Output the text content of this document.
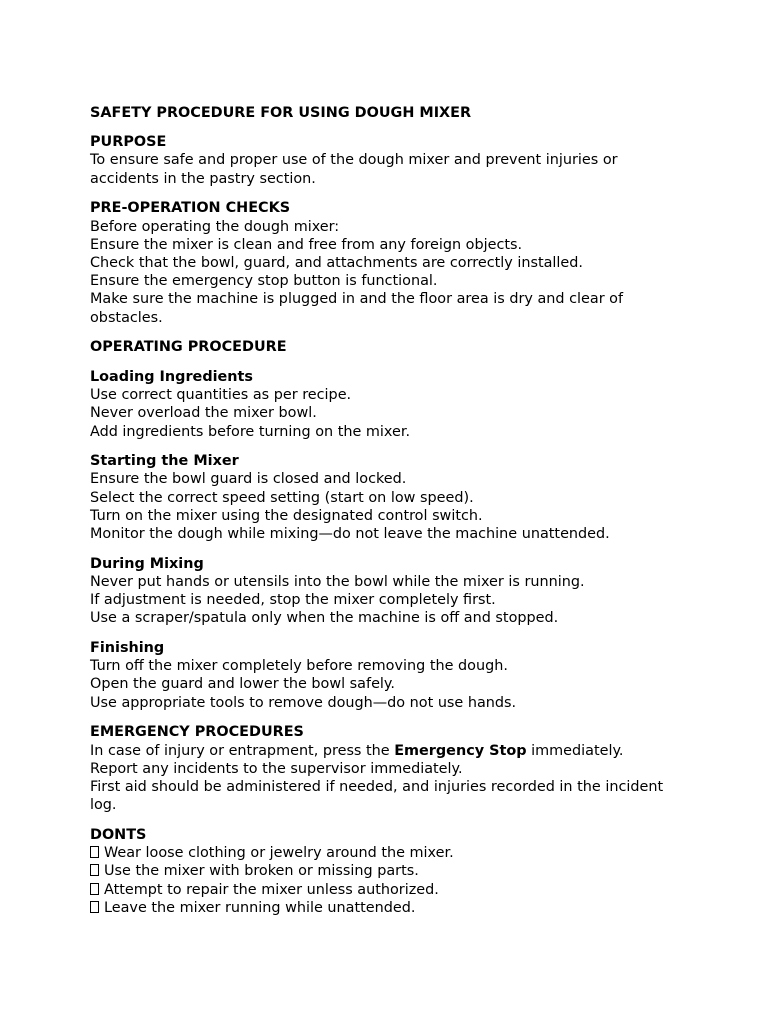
SAFETY PROCEDURE FOR USING DOUGH MIXER
PURPOSE
To ensure safe and proper use of the dough mixer and prevent injuries or accidents in the pastry section.
PRE-OPERATION CHECKS
Before operating the dough mixer:
Ensure the mixer is clean and free from any foreign objects.
Check that the bowl, guard, and attachments are correctly installed.
Ensure the emergency stop button is functional.
Make sure the machine is plugged in and the floor area is dry and clear of obstacles.
OPERATING PROCEDURE
Loading Ingredients
Use correct quantities as per recipe.
Never overload the mixer bowl.
Add ingredients before turning on the mixer.
Starting the Mixer
Ensure the bowl guard is closed and locked.
Select the correct speed setting (start on low speed).
Turn on the mixer using the designated control switch.
Monitor the dough while mixing—do not leave the machine unattended.
During Mixing
Never put hands or utensils into the bowl while the mixer is running.
If adjustment is needed, stop the mixer completely first.
Use a scraper/spatula only when the machine is off and stopped.
Finishing
Turn off the mixer completely before removing the dough.
Open the guard and lower the bowl safely.
Use appropriate tools to remove dough—do not use hands.
EMERGENCY PROCEDURES
In case of injury or entrapment, press the Emergency Stop immediately.
Report any incidents to the supervisor immediately.
First aid should be administered if needed, and injuries recorded in the incident log.
DONTS
Wear loose clothing or jewelry around the mixer.
Use the mixer with broken or missing parts.
Attempt to repair the mixer unless authorized.
Leave the mixer running while unattended.
